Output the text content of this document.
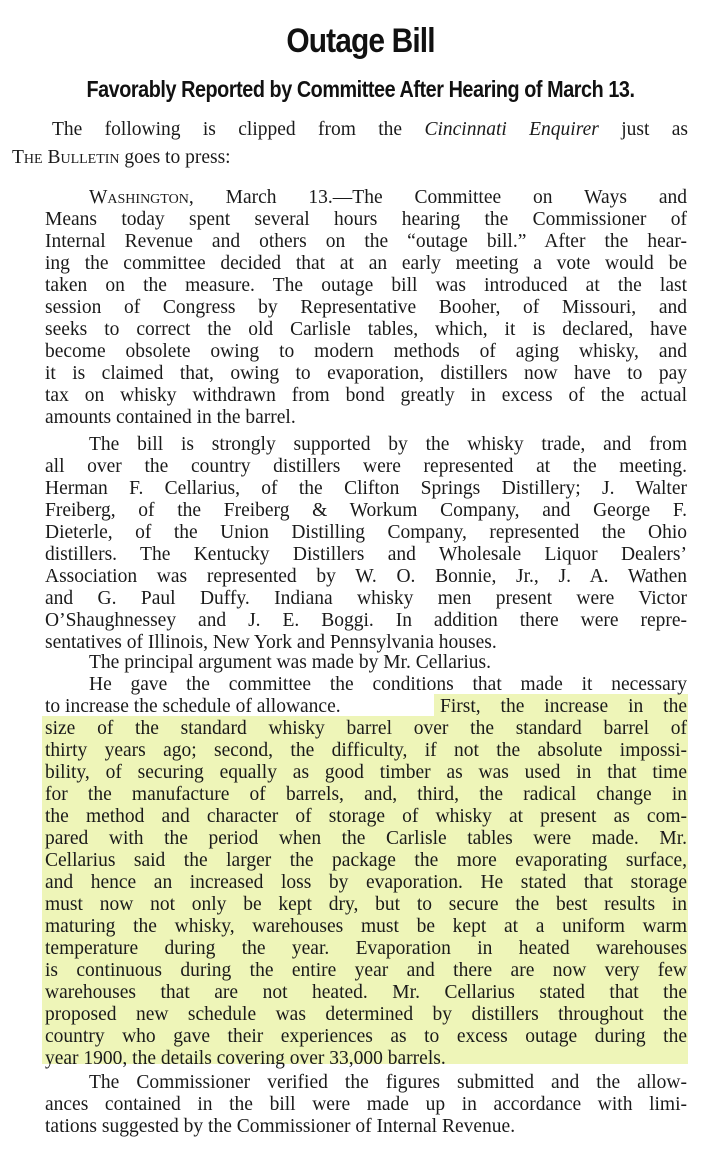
Outage Bill
Favorably Reported by Committee After Hearing of March 13.
The following is clipped from the Cincinnati Enquirer just as
The Bulletin goes to press:
Washington, March 13.—The Committee on Ways and
Means today spent several hours hearing the Commissioner of
Internal Revenue and others on the “outage bill.” After the hear-
ing the committee decided that at an early meeting a vote would be
taken on the measure. The outage bill was introduced at the last
session of Congress by Representative Booher, of Missouri, and
seeks to correct the old Carlisle tables, which, it is declared, have
become obsolete owing to modern methods of aging whisky, and
it is claimed that, owing to evaporation, distillers now have to pay
tax on whisky withdrawn from bond greatly in excess of the actual
amounts contained in the barrel.
The bill is strongly supported by the whisky trade, and from
all over the country distillers were represented at the meeting.
Herman F. Cellarius, of the Clifton Springs Distillery; J. Walter
Freiberg, of the Freiberg & Workum Company, and George F.
Dieterle, of the Union Distilling Company, represented the Ohio
distillers. The Kentucky Distillers and Wholesale Liquor Dealers’
Association was represented by W. O. Bonnie, Jr., J. A. Wathen
and G. Paul Duffy. Indiana whisky men present were Victor
O’Shaughnessey and J. E. Boggi. In addition there were repre-
sentatives of Illinois, New York and Pennsylvania houses.
The principal argument was made by Mr. Cellarius.
He gave the committee the conditions that made it necessary
to increase the schedule of allowance.	First, the increase in the
size of the standard whisky barrel over the standard barrel of
thirty years ago; second, the difficulty, if not the absolute impossi-
bility, of securing equally as good timber as was used in that time
for the manufacture of barrels, and, third, the radical change in
the method and character of storage of whisky at present as com-
pared with the period when the Carlisle tables were made. Mr.
Cellarius said the larger the package the more evaporating surface,
and hence an increased loss by evaporation. He stated that storage
must now not only be kept dry, but to secure the best results in
maturing the whisky, warehouses must be kept at a uniform warm
temperature during the year. Evaporation in heated warehouses
is continuous during the entire year and there are now very few
warehouses that are not heated. Mr. Cellarius stated that the
proposed new schedule was determined by distillers throughout the
country who gave their experiences as to excess outage during the
year 1900, the details covering over 33,000 barrels.
The Commissioner verified the figures submitted and the allow-
ances contained in the bill were made up in accordance with limi-
tations suggested by the Commissioner of Internal Revenue.
